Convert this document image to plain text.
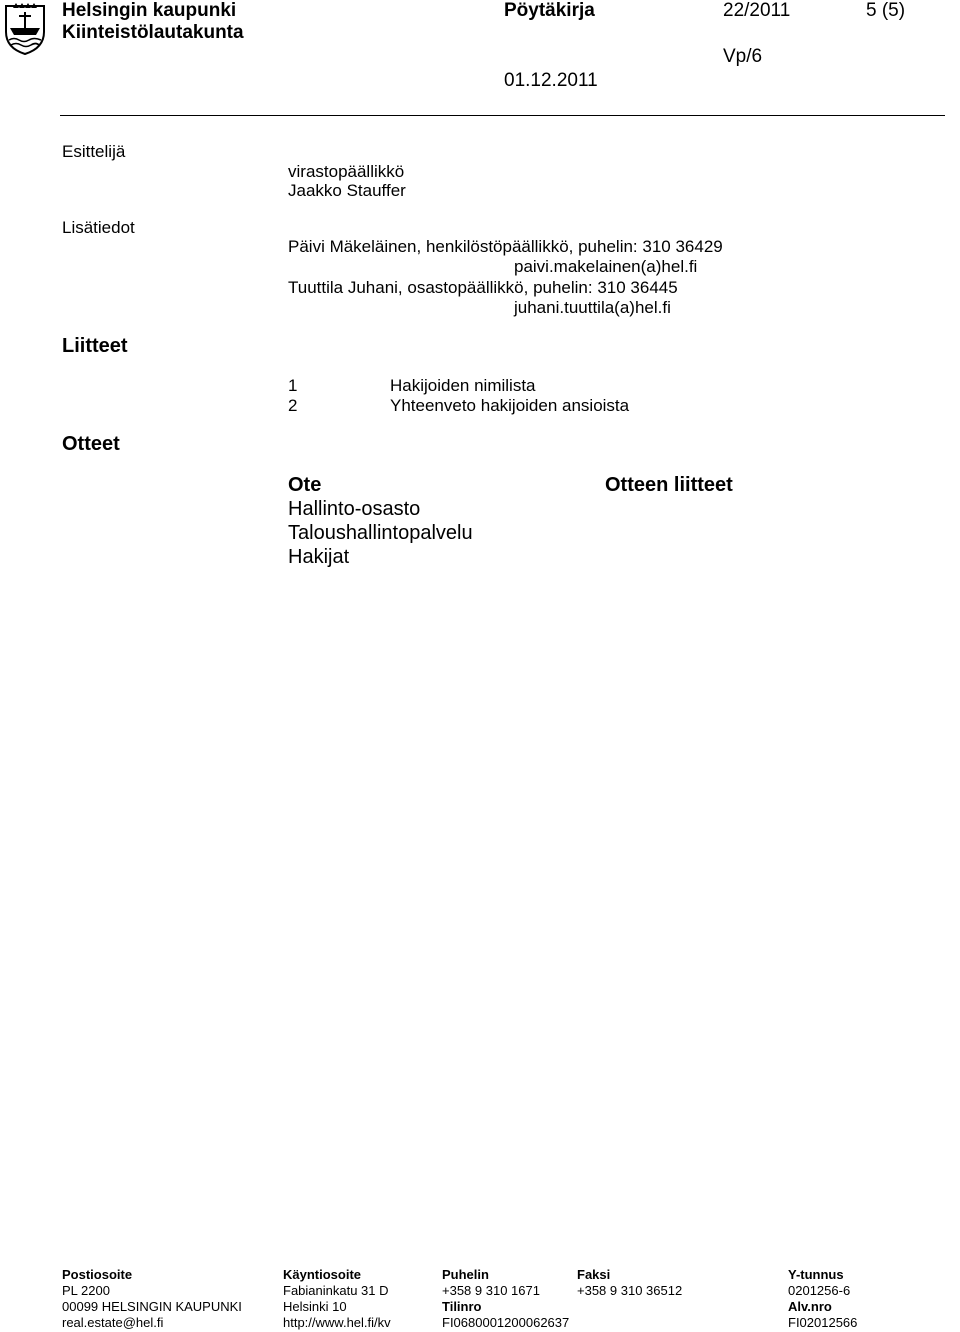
Helsingin kaupunki
Kiinteistölautakunta
Pöytäkirja	22/2011	5 (5)
Vp/6
01.12.2011
Esittelijä
virastopäällikkö
Jaakko Stauffer
Lisätiedot
Päivi Mäkeläinen, henkilöstöpäällikkö, puhelin: 310 36429
paivi.makelainen(a)hel.fi
Tuuttila Juhani, osastopäällikkö, puhelin: 310 36445
juhani.tuuttila(a)hel.fi
Liitteet
1	Hakijoiden nimilista
2	Yhteenveto hakijoiden ansioista
Otteet
Ote	Otteen liitteet
Hallinto-osasto
Taloushallintopalvelu
Hakijat
Postiosoite
PL 2200
00099 HELSINGIN KAUPUNKI
real.estate@hel.fi
Käyntiosoite
Fabianinkatu 31 D
Helsinki 10
http://www.hel.fi/kv
Puhelin
+358 9 310 1671
Tilinro
FI0680001200062637
Faksi
+358 9 310 36512
Y-tunnus
0201256-6
Alv.nro
FI02012566
